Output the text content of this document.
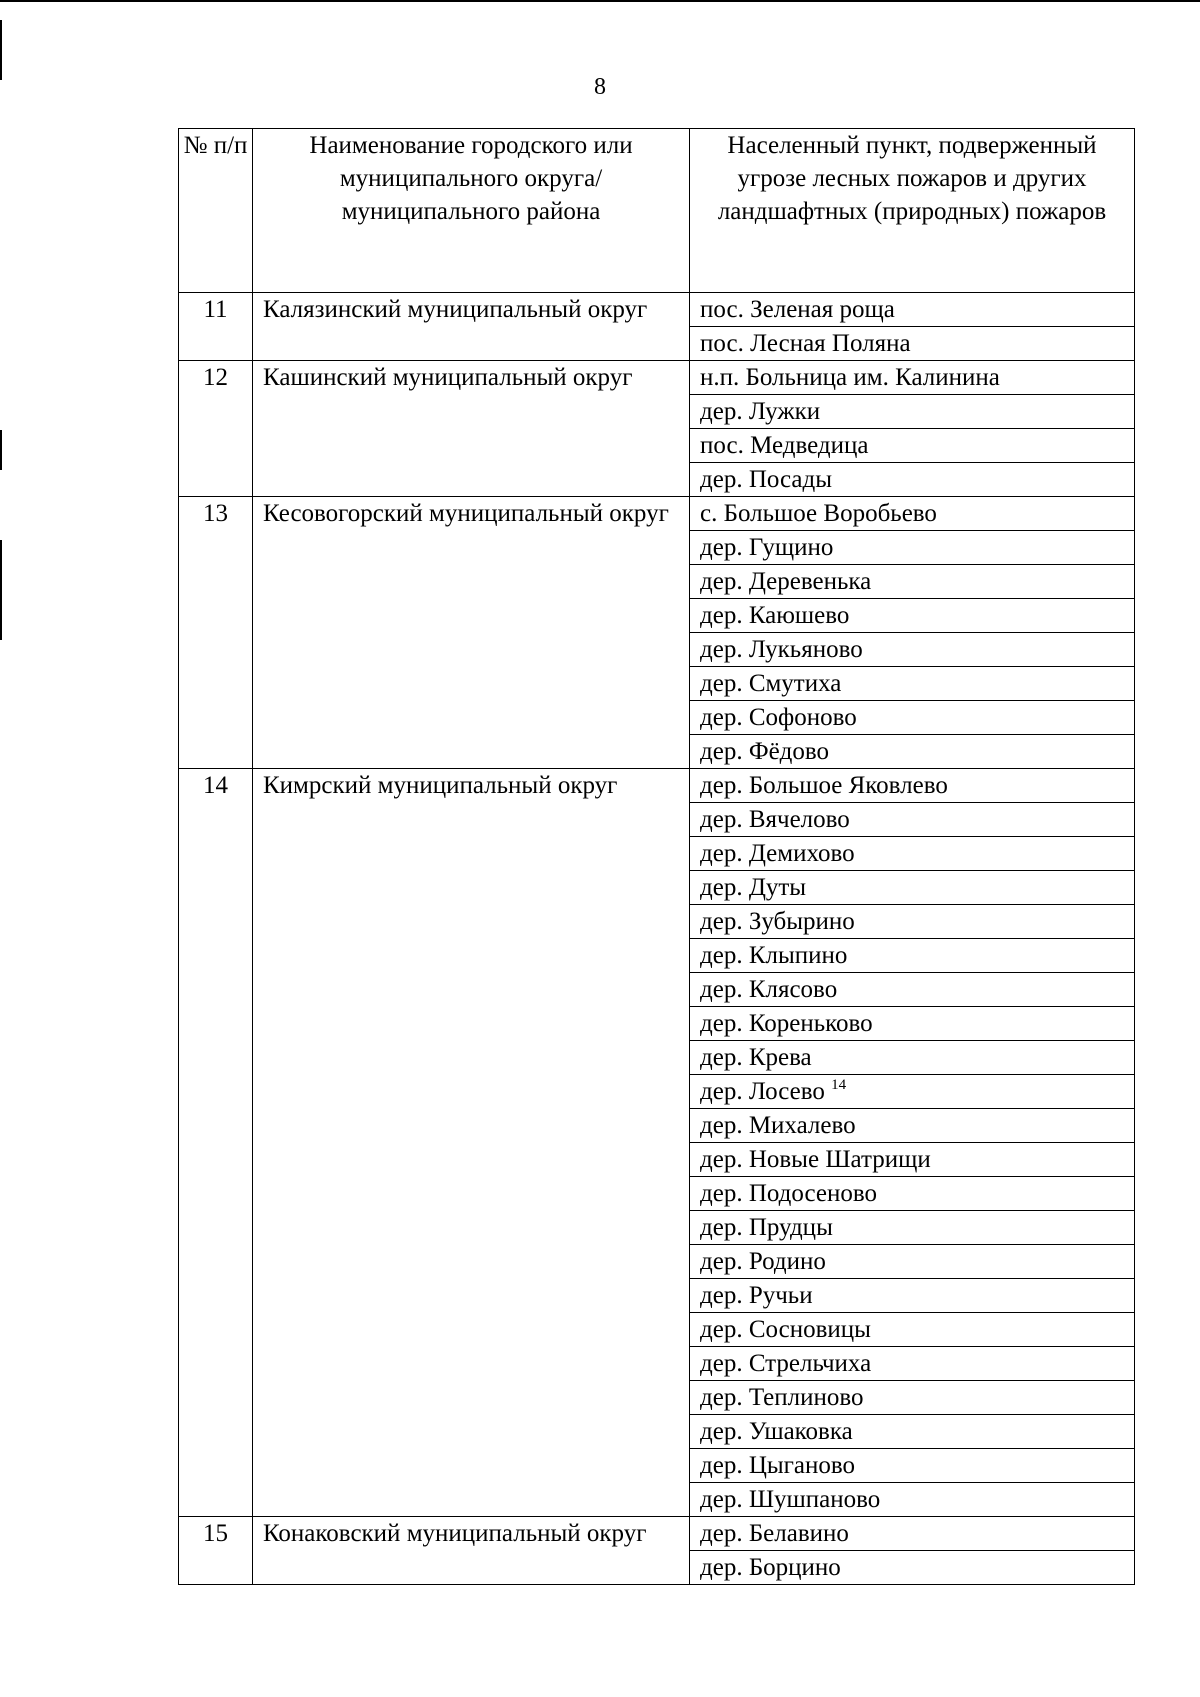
8
№ п/п	Наименование городского или муниципального округа/муниципального района	Населенный пункт, подверженный угрозе лесных пожаров и других ландшафтных (природных) пожаров
11	Калязинский муниципальный округ	пос. Зеленая роща
		пос. Лесная Поляна
12	Кашинский муниципальный округ	н.п. Больница им. Калинина
		дер. Лужки
		пос. Медведица
		дер. Посады
13	Кесовогорский муниципальный округ	с. Большое Воробьево
		дер. Гущино
		дер. Деревенька
		дер. Каюшево
		дер. Лукьяново
		дер. Смутиха
		дер. Софоново
		дер. Фёдово
14	Кимрский муниципальный округ	дер. Большое Яковлево
		дер. Вячелово
		дер. Демихово
		дер. Дуты
		дер. Зубырино
		дер. Клыпино
		дер. Клясово
		дер. Кореньково
		дер. Крева
		дер. Лосево $^{14}$
		дер. Михалево
		дер. Новые Шатрищи
		дер. Подосеново
		дер. Прудцы
		дер. Родино
		дер. Ручьи
		дер. Сосновицы
		дер. Стрельчиха
		дер. Теплиново
		дер. Ушаковка
		дер. Цыганово
		дер. Шушпаново
15	Конаковский муниципальный округ	дер. Белавино
		дер. Борцино
